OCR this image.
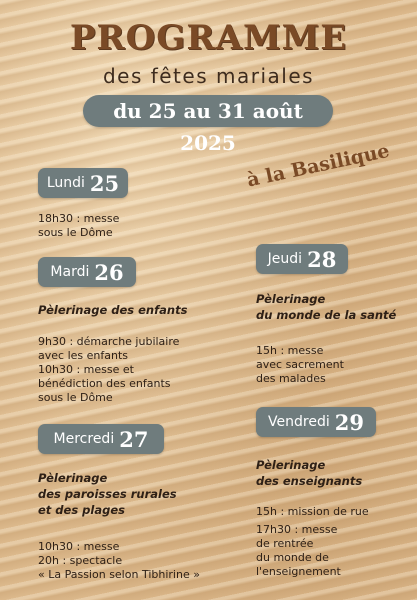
PROGRAMME
des fêtes mariales
du 25 au 31 août 2025 à la Basilique
Lundi 25
18h30 : messe
sous le Dôme
Mardi 26
Pèlerinage des enfants
9h30 : démarche jubilaire
avec les enfants
10h30 : messe et
bénédiction des enfants
sous le Dôme
Mercredi 27
Pèlerinage
des paroisses rurales
et des plages
10h30 : messe
20h : spectacle
« La Passion selon Tibhirine »
Jeudi 28
Pèlerinage
du monde de la santé
15h : messe
avec sacrement
des malades
Vendredi 29
Pèlerinage
des enseignants
15h : mission de rue
17h30 : messe
de rentrée
du monde de
l'enseignement
